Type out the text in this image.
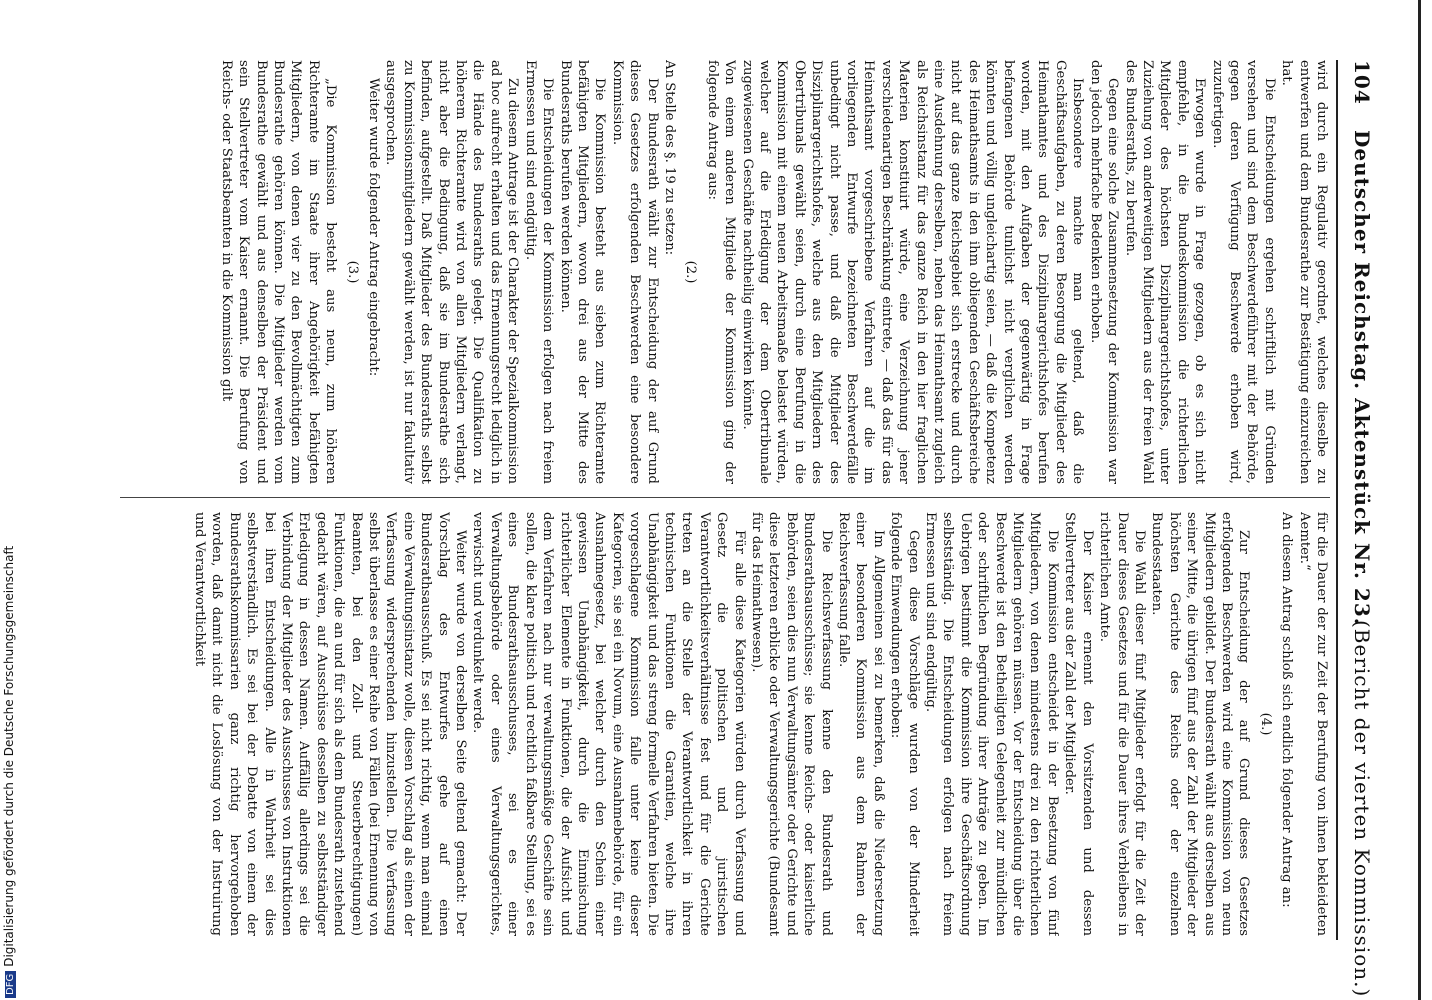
104
Deutscher Reichstag. Aktenstück Nr. 23.
(Bericht der vierten Kommission.)

wird durch ein Regulativ geordnet, welches dieselbe zu entwerfen und dem Bundesrathe zur Bestätigung einzureichen hat.

Die Entscheidungen ergehen schriftlich mit Gründen versehen und sind dem Beschwerdeführer mit der Behörde, gegen deren Verfügung Beschwerde erhoben wird, zuzufertigen.

Erwogen wurde in Frage gezogen, ob es sich nicht empfehle, in die Bundeskommission die richterlichen Mitglieder des höchsten Disziplinargerichtshofes, unter Zuziehung von anderweitigen Mitgliedern aus der freien Wahl des Bundesraths, zu berufen.

Gegen eine solche Zusammensetzung der Kommission war den jedoch mehrfache Bedenken erhoben.

Insbesondere machte man geltend, daß die Geschäftsaufgaben, zu deren Besorgung die Mitglieder des Heimathamtes und des Disziplinargerichtshofes berufen worden, mit den Aufgaben der gegenwärtig in Frage befangenen Behörde tunlichst nicht verglichen werden könnten und völlig ungleichartig seien, — daß die Kompetenz des Heimathsamts in den ihm obliegenden Geschäftsbereiche nicht auf das ganze Reichsgebiet sich erstrecke und durch eine Ausdehnung derselben, neben das Heimathsamt zugleich als Reichsinstanz für das ganze Reich in den hier fraglichen Materien konstituirt würde, eine Verzeichnung jener verschiedenartigen Beschränkung eintrete, — daß das für das Heimathsamt vorgeschriebene Verfahren auf die im vorliegenden Entwurfe bezeichneten Beschwerdefälle unbedingt nicht passe, und daß die Mitglieder des Disziplinargerichtshofes, welche aus den Mitgliedern des Obertribunals gewählt seien, durch eine Berufung in die Kommission mit einem neuen Arbeitsmaaße belastet würden, welcher auf die Erledigung der dem Obertribunale zugewiesenen Geschäfte nachtheilig einwirken könnte.

Von einem anderen Mitgliede der Kommission ging der folgende Antrag aus:

(2.)

An Stelle des §. 19 zu setzen:

Der Bundesrath wählt zur Entscheidung der auf Grund dieses Gesetzes erfolgenden Beschwerden eine besondere Kommission.

Die Kommission besteht aus sieben zum Richteramte befähigten Mitgliedern, wovon drei aus der Mitte des Bundesraths berufen werden können.

Die Entscheidungen der Kommission erfolgen nach freiem Ermessen und sind endgültig.

Zu diesem Antrage ist der Charakter der Spezialkommission ad hoc aufrecht erhalten und das Ernennungsrecht lediglich in die Hände des Bundesraths gelegt. Die Qualifikation zu höherem Richteramte wird von allen Mitgliedern verlangt, nicht aber die Bedingung, daß sie im Bundesrathe sich befinden, aufgestellt. Daß Mitglieder des Bundesraths selbst zu Kommissionsmitgliedern gewählt werden, ist nur fakultativ ausgesprochen.

Weiter wurde folgender Antrag eingebracht:

(3.)

„Die Kommission besteht aus neun, zum höheren Richteramte im Staate ihrer Angehörigkeit befähigten Mitgliedern, von denen vier zu den Bevollmächtigten zum Bundesrathe gehören können. Die Mitglieder werden vom Bundesrathe gewählt und aus denselben der Präsident und sein Stellvertreter vom Kaiser ernannt. Die Berufung von Reichs- oder Staatsbeamten in die Kommission gilt

für die Dauer der zur Zeit der Berufung von ihnen bekleideten Aemter.“

An diesem Antrag schloß sich endlich folgender Antrag an:

(4.)

Zur Entscheidung der auf Grund dieses Gesetzes erfolgenden Beschwerden wird eine Kommission von neun Mitgliedern gebildet. Der Bundesrath wählt aus derselben aus seiner Mitte, die übrigen fünf aus der Zahl der Mitglieder der höchsten Gerichte des Reichs oder der einzelnen Bundesstaaten.

Die Wahl dieser fünf Mitglieder erfolgt für die Zeit der Dauer dieses Gesetzes und für die Dauer ihres Verbleibens in richterlichen Amte.

Der Kaiser ernennt den Vorsitzenden und dessen Stellvertreter aus der Zahl der Mitglieder.

Die Kommission entscheidet in der Besetzung von fünf Mitgliedern, von denen mindestens drei zu den richterlichen Mitgliedern gehören müssen. Vor der Entscheidung über die Beschwerde ist den Betheiligten Gelegenheit zur mündlichen oder schriftlichen Begründung ihrer Anträge zu geben. Im Uebrigen bestimmt die Kommission ihre Geschäftsordnung selbstständig. Die Entscheidungen erfolgen nach freiem Ermessen und sind endgültig.

Gegen diese Vorschläge wurden von der Minderheit folgende Einwendungen erhoben:

Im Allgemeinen sei zu bemerken, daß die Niedersetzung einer besonderen Kommission aus dem Rahmen der Reichsverfassung falle.

Die Reichsverfassung kenne den Bundesrath und Bundesrathsausschüsse; sie kenne Reichs- oder kaiserliche Behörden, seien dies nun Verwaltungsämter oder Gerichte und diese letzteren erblicke oder Verwaltungsgerichte (Bundesamt für das Heimathwesen).

Für alle diese Kategorien würden durch Verfassung und Gesetz die politischen und juristischen Verantwortlichkeitsverhältnisse fest und für die Gerichte treten an die Stelle der Verantwortlichkeit in ihren technischen Funktionen die Garantien, welche ihre Unabhängigkeit und das streng formelle Verfahren bieten. Die vorgeschlagene Kommission falle unter keine dieser Kategorien, sie sei ein Novum, eine Ausnahmebehörde, für ein Ausnahmegesetz, bei welcher durch den Schein einer gewissen Unabhängigkeit, durch die Einmischung richterlicher Elemente in Funktionen, die der Aufsicht und dem Verfahren nach nur verwaltungsmäßige Geschäfte sein sollen, die klare politisch und rechtlich faßbare Stellung, sei es eines Bundesrathsausschusses, sei es einer Verwaltungsbehörde oder eines Verwaltungsgerichtes, verwischt und verdunkelt werde.

Weiter wurde von derselben Seite geltend gemacht: Der Vorschlag des Entwurfes gehe auf einen Bundesrathsausschuß. Es sei nicht richtig, wenn man einmal eine Verwaltungsinstanz wolle, diesen Vorschlag als einen der Verfassung widersprechenden hinzustellen. Die Verfassung selbst überlasse es einer Reihe von Fällen (bei Ernennung von Beamten, bei den Zoll- und Steuerberechtigungen) Funktionen, die an und für sich als dem Bundesrath zustehend gedacht wären, auf Ausschüsse desselben zu selbstständiger Erledigung in dessen Namen. Auffällig allerdings sei die Verbindung der Mitglieder des Ausschusses von Instruktionen bei ihren Entscheidungen. Alle in Wahrheit sei dies selbstverständlich. Es sei bei der Debatte von einem der Bundesrathskommissarien ganz richtig hervorgehoben worden, daß damit nicht die Loslösung von der Instruirung und Verantwortlichkeit

DFGDigitalisierung gefördert durch die Deutsche Forschungsgemeinschaft
